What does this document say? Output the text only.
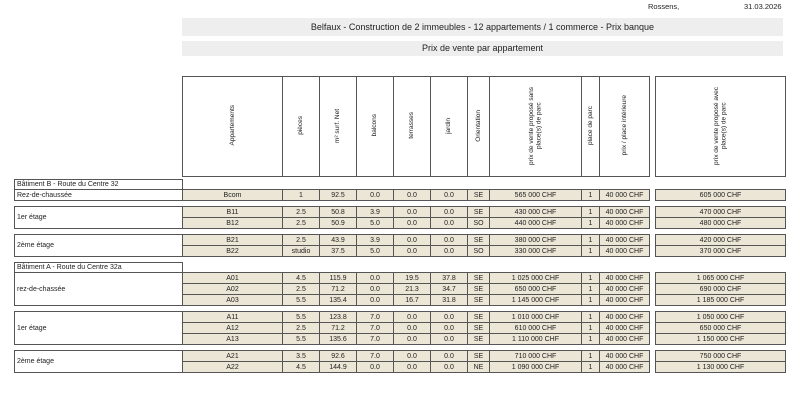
Rossens,	31.03.2026
Belfaux - Construction de 2 immeubles - 12 appartements / 1 commerce - Prix banque
Prix de vente par appartement
	Appartements	pièces	m² surf. Net	balcons	terrasses	jardin	Orientation	prix de vente proposé sans place(s) de parc	place de parc	prix / place intérieure		prix de vente proposé avec place(s) de parc

Bâtiment B - Route du Centre 32												
Rez-de-chaussée	Bcom	1	92.5	0.0	0.0	0.0	SE	565 000 CHF	1	40 000 CHF		605 000 CHF

1er étage	B11	2.5	50.8	3.9	0.0	0.0	SE	430 000 CHF	1	40 000 CHF		470 000 CHF
	B12	2.5	50.9	5.0	0.0	0.0	SO	440 000 CHF	1	40 000 CHF		480 000 CHF

2ème étage	B21	2.5	43.9	3.9	0.0	0.0	SE	380 000 CHF	1	40 000 CHF		420 000 CHF
	B22	studio	37.5	5.0	0.0	0.0	SO	330 000 CHF	1	40 000 CHF		370 000 CHF

Bâtiment A - Route du Centre 32a												
rez-de-chassée	A01	4.5	115.9	0.0	19.5	37.8	SE	1 025 000 CHF	1	40 000 CHF		1 065 000 CHF
	A02	2.5	71.2	0.0	21.3	34.7	SE	650 000 CHF	1	40 000 CHF		690 000 CHF
	A03	5.5	135.4	0.0	16.7	31.8	SE	1 145 000 CHF	1	40 000 CHF		1 185 000 CHF

1er étage	A11	5.5	123.8	7.0	0.0	0.0	SE	1 010 000 CHF	1	40 000 CHF		1 050 000 CHF
	A12	2.5	71.2	7.0	0.0	0.0	SE	610 000 CHF	1	40 000 CHF		650 000 CHF
	A13	5.5	135.6	7.0	0.0	0.0	SE	1 110 000 CHF	1	40 000 CHF		1 150 000 CHF

2ème étage	A21	3.5	92.6	7.0	0.0	0.0	SE	710 000 CHF	1	40 000 CHF		750 000 CHF
	A22	4.5	144.9	0.0	0.0	0.0	NE	1 090 000 CHF	1	40 000 CHF		1 130 000 CHF
